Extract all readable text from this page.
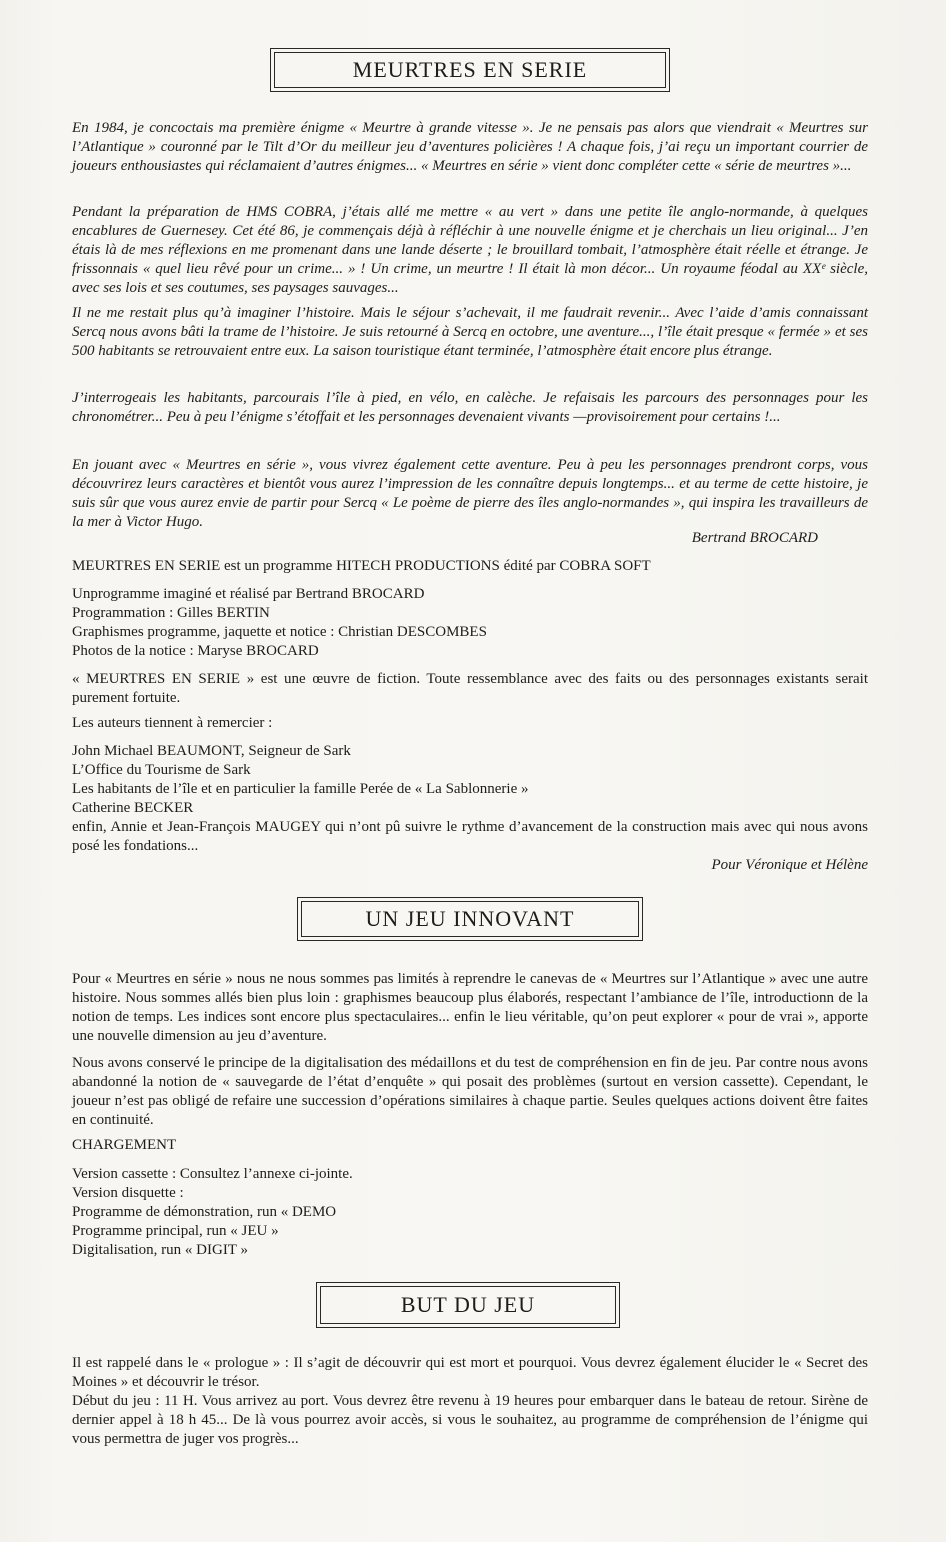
MEURTRES EN SERIE
En 1984, je concoctais ma première énigme « Meurtre à grande vitesse ». Je ne pensais pas alors que viendrait « Meurtres sur l’Atlantique » couronné par le Tilt d’Or du meilleur jeu d’aventures policières ! A chaque fois, j’ai reçu un important courrier de joueurs enthousiastes qui réclamaient d’autres énigmes... « Meurtres en série » vient donc compléter cette « série de meurtres »...
Pendant la préparation de HMS COBRA, j’étais allé me mettre « au vert » dans une petite île anglo-normande, à quelques encablures de Guernesey. Cet été 86, je commençais déjà à réfléchir à une nouvelle énigme et je cherchais un lieu original... J’en étais là de mes réflexions en me promenant dans une lande déserte ; le brouillard tombait, l’atmosphère était réelle et étrange. Je frissonnais « quel lieu rêvé pour un crime... » ! Un crime, un meurtre ! Il était là mon décor... Un royaume féodal au XXᵉ siècle, avec ses lois et ses coutumes, ses paysages sauvages...
Il ne me restait plus qu’à imaginer l’histoire. Mais le séjour s’achevait, il me faudrait revenir... Avec l’aide d’amis connaissant Sercq nous avons bâti la trame de l’histoire. Je suis retourné à Sercq en octobre, une aventure..., l’île était presque « fermée » et ses 500 habitants se retrouvaient entre eux. La saison touristique étant terminée, l’atmosphère était encore plus étrange.
J’interrogeais les habitants, parcourais l’île à pied, en vélo, en calèche. Je refaisais les parcours des personnages pour les chronométrer... Peu à peu l’énigme s’étoffait et les personnages devenaient vivants —provisoirement pour certains !...
En jouant avec « Meurtres en série », vous vivrez également cette aventure. Peu à peu les personnages prendront corps, vous découvrirez leurs caractères et bientôt vous aurez l’impression de les connaître depuis longtemps... et au terme de cette histoire, je suis sûr que vous aurez envie de partir pour Sercq « Le poème de pierre des îles anglo-normandes », qui inspira les travailleurs de la mer à Victor Hugo.
Bertrand BROCARD
MEURTRES EN SERIE est un programme HITECH PRODUCTIONS édité par COBRA SOFT
Unprogramme imaginé et réalisé par Bertrand BROCARD
Programmation : Gilles BERTIN
Graphismes programme, jaquette et notice : Christian DESCOMBES
Photos de la notice : Maryse BROCARD
« MEURTRES EN SERIE » est une œuvre de fiction. Toute ressemblance avec des faits ou des personnages existants serait purement fortuite.
Les auteurs tiennent à remercier :
John Michael BEAUMONT, Seigneur de Sark
L’Office du Tourisme de Sark
Les habitants de l’île et en particulier la famille Perée de « La Sablonnerie »
Catherine BECKER
enfin, Annie et Jean-François MAUGEY qui n’ont pû suivre le rythme d’avancement de la construction mais avec qui nous avons posé les fondations...
Pour Véronique et Hélène
UN JEU INNOVANT
Pour « Meurtres en série » nous ne nous sommes pas limités à reprendre le canevas de « Meurtres sur l’Atlantique » avec une autre histoire. Nous sommes allés bien plus loin : graphismes beaucoup plus élaborés, respectant l’ambiance de l’île, introductionn de la notion de temps. Les indices sont encore plus spectaculaires... enfin le lieu véritable, qu’on peut explorer « pour de vrai », apporte une nouvelle dimension au jeu d’aventure.
Nous avons conservé le principe de la digitalisation des médaillons et du test de compréhension en fin de jeu. Par contre nous avons abandonné la notion de « sauvegarde de l’état d’enquête » qui posait des problèmes (surtout en version cassette). Cependant, le joueur n’est pas obligé de refaire une succession d’opérations similaires à chaque partie. Seules quelques actions doivent être faites en continuité.
CHARGEMENT
Version cassette : Consultez l’annexe ci-jointe.
Version disquette :
Programme de démonstration, run « DEMO
Programme principal, run « JEU »
Digitalisation, run « DIGIT »
BUT DU JEU
Il est rappelé dans le « prologue » : Il s’agit de découvrir qui est mort et pourquoi. Vous devrez également élucider le « Secret des Moines » et découvrir le trésor.
Début du jeu : 11 H. Vous arrivez au port. Vous devrez être revenu à 19 heures pour embarquer dans le bateau de retour. Sirène de dernier appel à 18 h 45... De là vous pourrez avoir accès, si vous le souhaitez, au programme de compréhension de l’énigme qui vous permettra de juger vos progrès...
